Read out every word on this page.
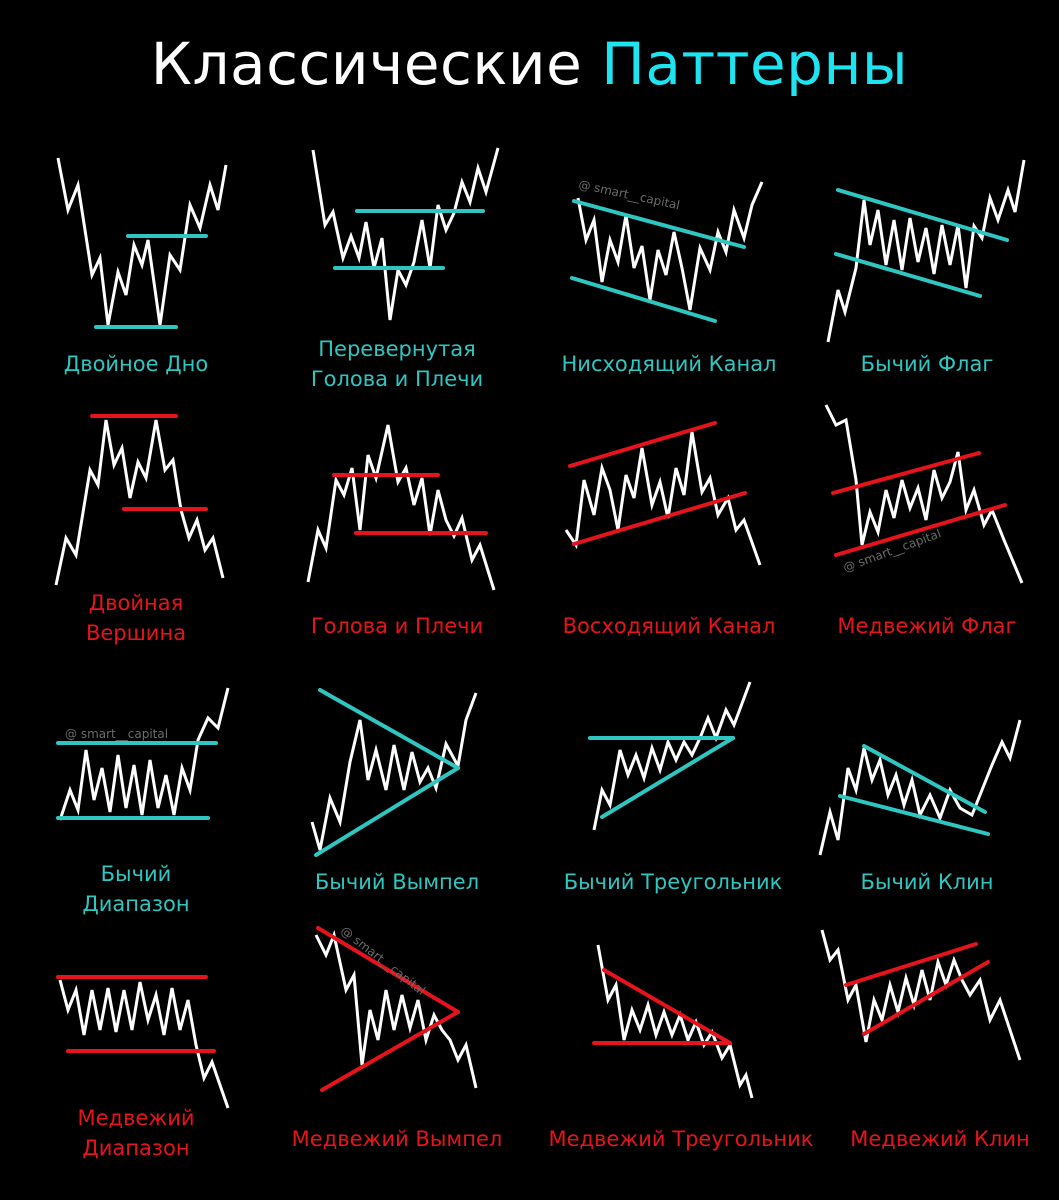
Классические Паттерны
Двойное Дно
Перевернутая Голова и Плечи
@ smart__capital
Нисходящий Канал	Бычий Флаг
Двойная Вершина	Голова и Плечи	Восходящий Канал
@ smart__capital
Медвежий Флаг
@ smart__capital
Бычий Диапазон
Бычий Вымпел	Бычий Треугольник	Бычий Клин
Медвежий Диапазон
@ smart__capital
Медвежий Вымпел Медвежий Треугольник Медвежий Клин
